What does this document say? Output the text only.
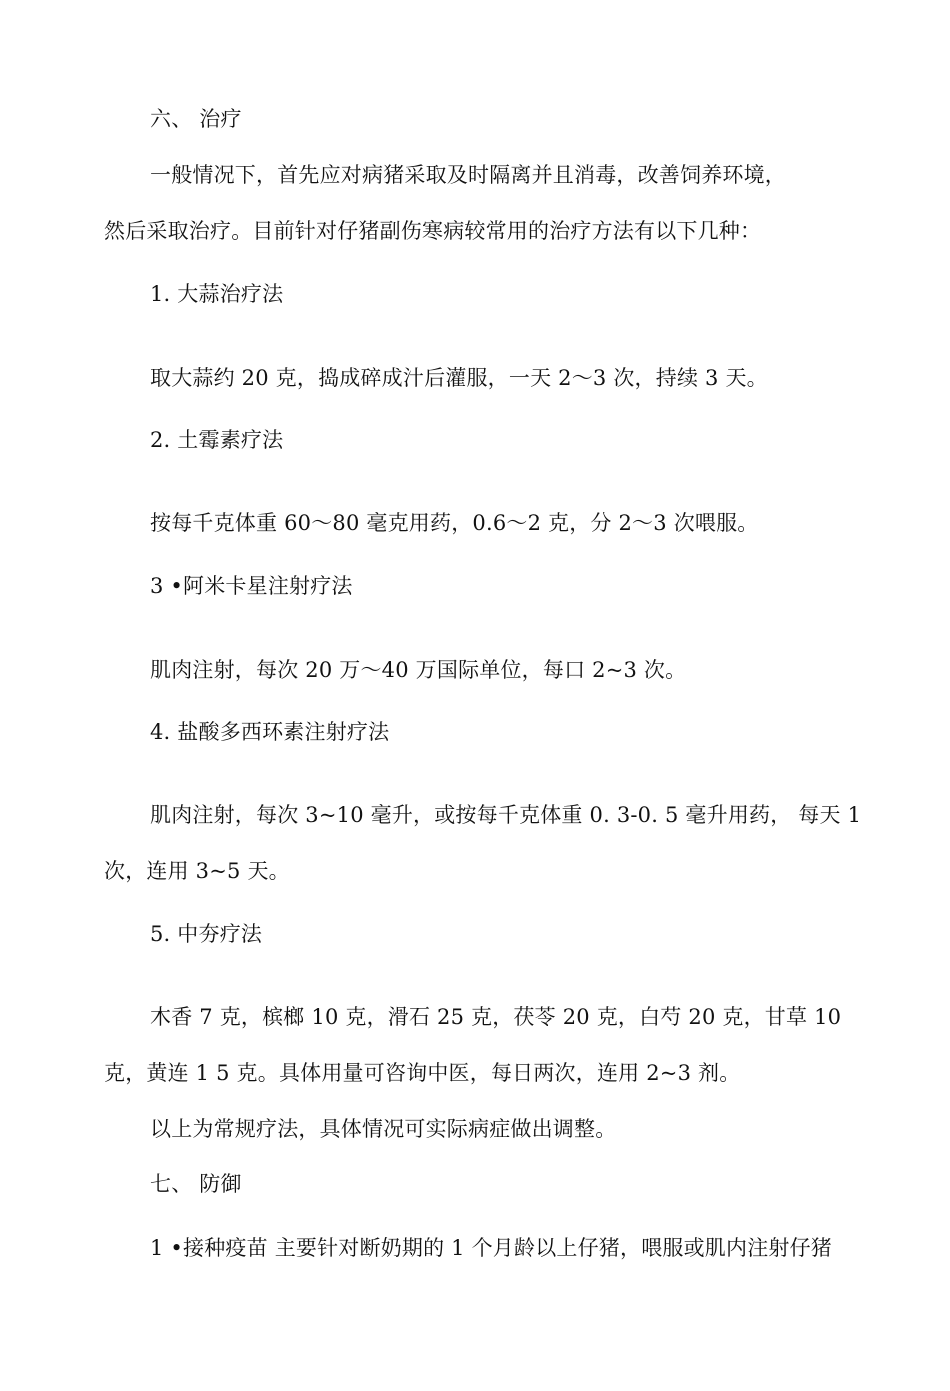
六、 治疗
一般情况下，首先应对病猪采取及时隔离并且消毒，改善饲养环境，
然后采取治疗。目前针对仔猪副伤寒病较常用的治疗方法有以下几种：
1. 大蒜治疗法
取大蒜约 20 克，捣成碎成汁后灌服，一天 2〜3 次，持续 3 天。
2. 土霉素疗法
按每千克体重 60〜80 毫克用药，0.6〜2 克，分 2〜3 次喂服。
3 •阿米卡星注射疗法
肌肉注射，每次 20 万〜40 万国际单位，每口 2~3 次。
4. 盐酸多西环素注射疗法
肌肉注射，每次 3~10 毫升，或按每千克体重 0. 3-0. 5 毫升用药， 每天 1
次，连用 3~5 天。
5. 中夯疗法
木香 7 克，槟榔 10 克，滑石 25 克，茯苓 20 克，白芍 20 克，甘草 10
克，黄连 1 5 克。具体用量可咨询中医，每日两次，连用 2~3 剂。
以上为常规疗法，具体情况可实际病症做出调整。
七、 防御
1 •接种疫苗 主要针对断奶期的 1 个月龄以上仔猪，喂服或肌内注射仔猪
